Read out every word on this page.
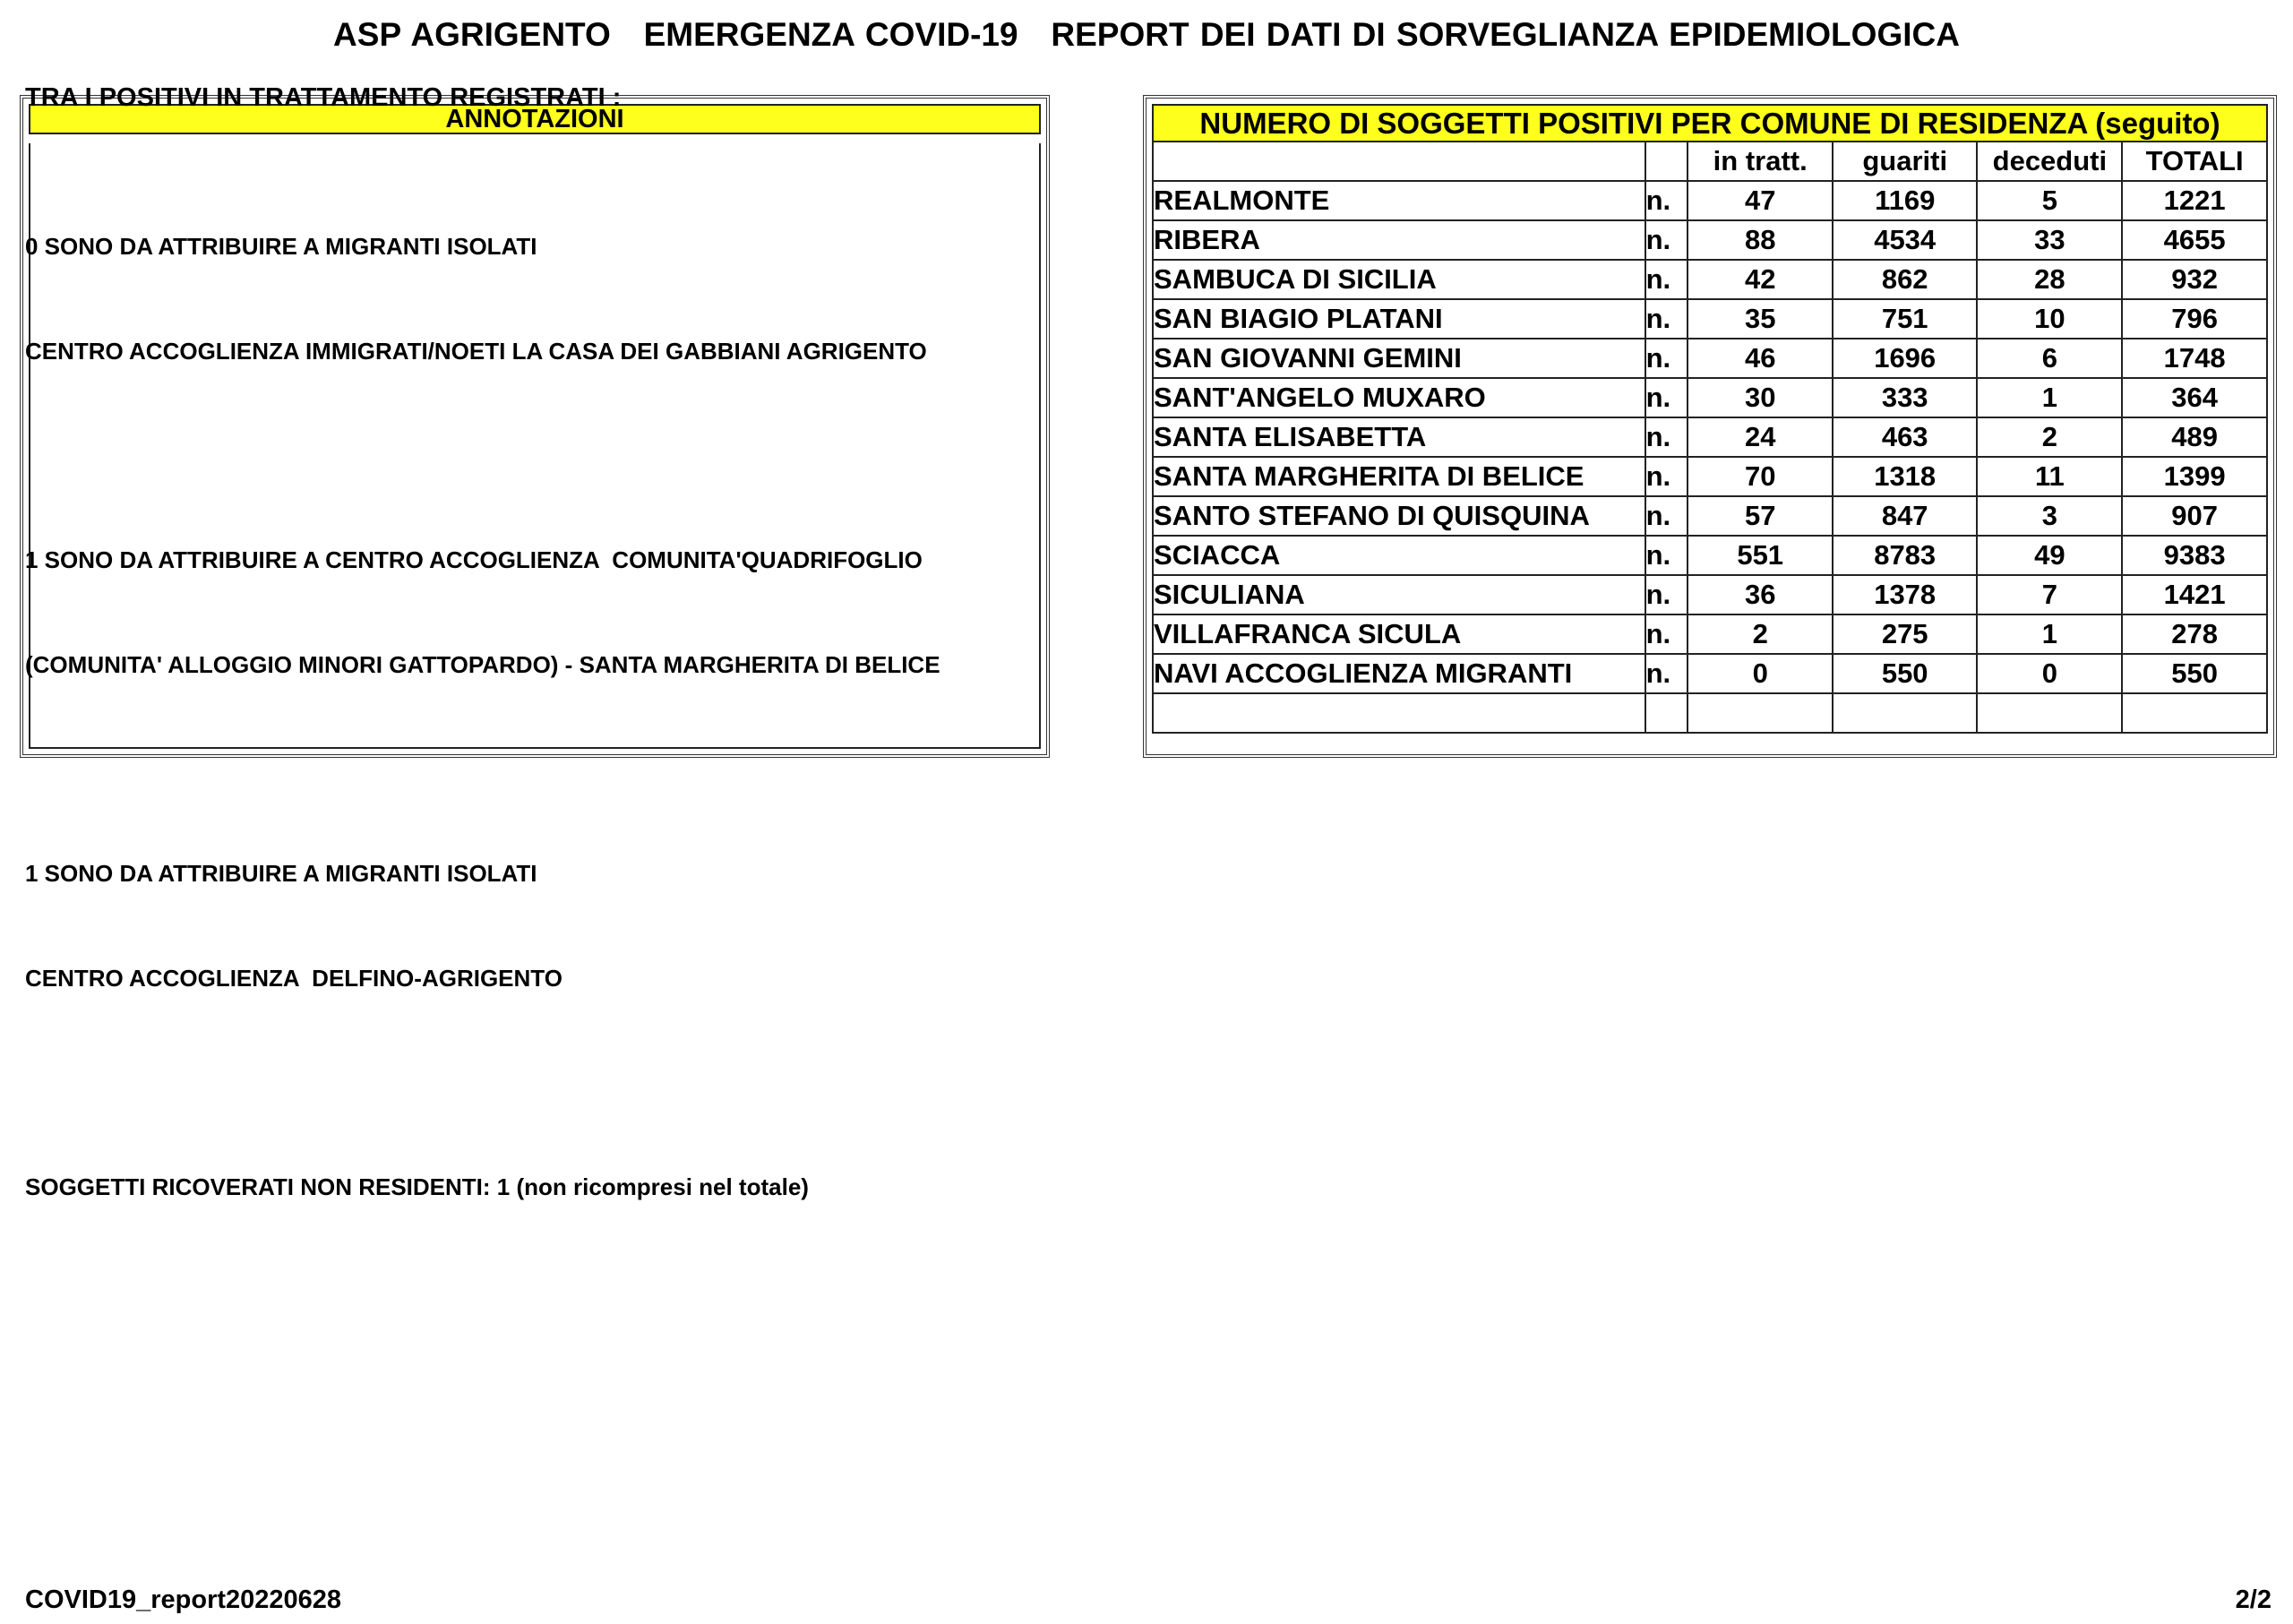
ASP AGRIGENTO   EMERGENZA COVID-19   REPORT DEI DATI DI SORVEGLIANZA EPIDEMIOLOGICA
ANNOTAZIONI
TRA I POSITIVI IN TRATTAMENTO REGISTRATI :

0 SONO DA ATTRIBUIRE A MIGRANTI ISOLATI

CENTRO ACCOGLIENZA IMMIGRATI/NOETI LA CASA DEI GABBIANI AGRIGENTO

1 SONO DA ATTRIBUIRE A CENTRO ACCOGLIENZA  COMUNITA'QUADRIFOGLIO

(COMUNITA' ALLOGGIO MINORI GATTOPARDO) - SANTA MARGHERITA DI BELICE

1 SONO DA ATTRIBUIRE A MIGRANTI ISOLATI

CENTRO ACCOGLIENZA  DELFINO-AGRIGENTO

SOGGETTI RICOVERATI NON RESIDENTI: 1 (non ricompresi nel totale)

NUMERO DI SOGGETTI POSITIVI PER COMUNE DI RESIDENZA (seguito)
		in tratt.	guariti	deceduti	TOTALI
REALMONTE	n.	47	1169	5	1221
RIBERA	n.	88	4534	33	4655
SAMBUCA DI SICILIA	n.	42	862	28	932
SAN BIAGIO PLATANI	n.	35	751	10	796
SAN GIOVANNI GEMINI	n.	46	1696	6	1748
SANT'ANGELO MUXARO	n.	30	333	1	364
SANTA ELISABETTA	n.	24	463	2	489
SANTA MARGHERITA DI BELICE	n.	70	1318	11	1399
SANTO STEFANO DI QUISQUINA	n.	57	847	3	907
SCIACCA	n.	551	8783	49	9383
SICULIANA	n.	36	1378	7	1421
VILLAFRANCA SICULA	n.	2	275	1	278
NAVI ACCOGLIENZA MIGRANTI	n.	0	550	0	550

COVID19_report20220628	2/2
